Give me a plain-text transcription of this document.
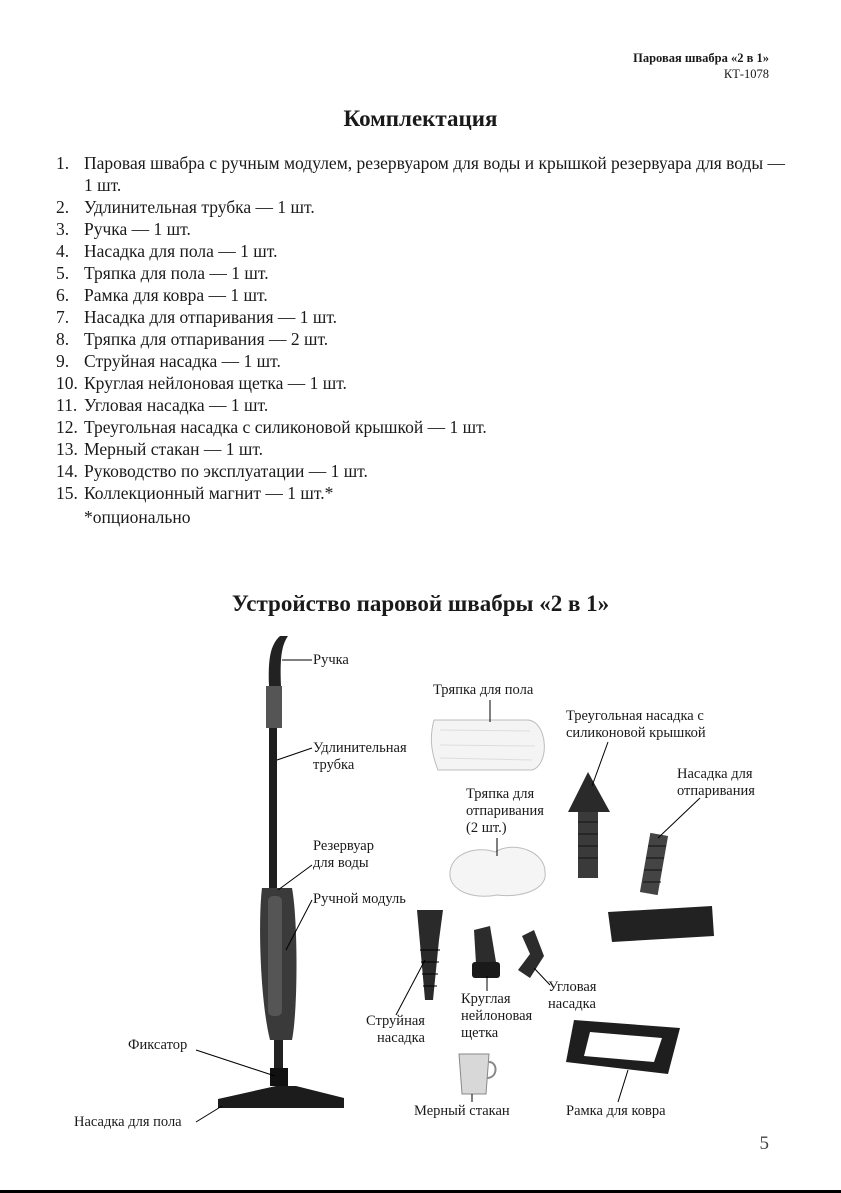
Паровая швабра «2 в 1»
КТ-1078
Комплектация
1. Паровая швабра с ручным модулем, резервуаром для воды и крышкой резервуара для воды — 1 шт.
2. Удлинительная трубка — 1 шт.
3. Ручка — 1 шт.
4. Насадка для пола — 1 шт.
5. Тряпка для пола — 1 шт.
6. Рамка для ковра — 1 шт.
7. Насадка для отпаривания — 1 шт.
8. Тряпка для отпаривания — 2 шт.
9. Струйная насадка — 1 шт.
10. Круглая нейлоновая щетка — 1 шт.
11. Угловая насадка — 1 шт.
12. Треугольная насадка с силиконовой крышкой — 1 шт.
13. Мерный стакан — 1 шт.
14. Руководство по эксплуатации — 1 шт.
15. Коллекционный магнит — 1 шт.*
*опционально
Устройство паровой швабры «2 в 1»
Ручка
Удлинительная
трубка
Резервуар
для воды
Ручной модуль
Фиксатор
Насадка для пола
Тряпка для пола
Тряпка для
отпаривания
(2 шт.)
Треугольная насадка с
силиконовой крышкой
Насадка для
отпаривания
Струйная
насадка
Круглая
нейлоновая
щетка
Угловая
насадка
Мерный стакан	Рамка для ковра
5
